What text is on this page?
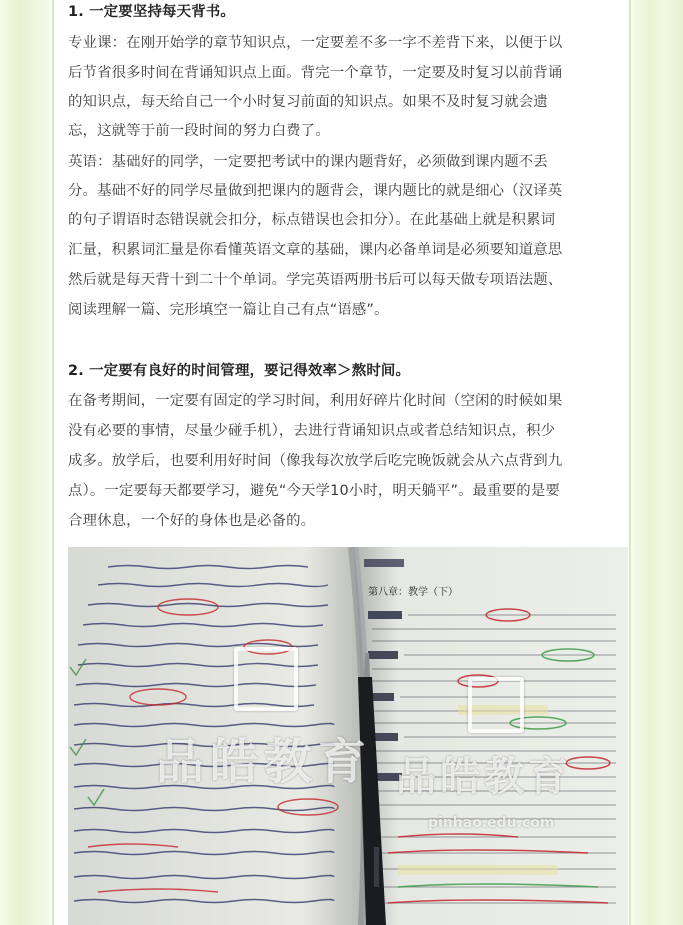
1. 一定要坚持每天背书。
专业课：在刚开始学的章节知识点，一定要差不多一字不差背下来，以便于以
后节省很多时间在背诵知识点上面。背完一个章节，一定要及时复习以前背诵
的知识点，每天给自己一个小时复习前面的知识点。如果不及时复习就会遗
忘，这就等于前一段时间的努力白费了。
英语：基础好的同学，一定要把考试中的课内题背好，必须做到课内题不丢
分。基础不好的同学尽量做到把课内的题背会，课内题比的就是细心（汉译英
的句子谓语时态错误就会扣分，标点错误也会扣分）。在此基础上就是积累词
汇量，积累词汇量是你看懂英语文章的基础，课内必备单词是必须要知道意思
然后就是每天背十到二十个单词。学完英语两册书后可以每天做专项语法题、
阅读理解一篇、完形填空一篇让自己有点“语感”。
2. 一定要有良好的时间管理，要记得效率＞熬时间。
在备考期间，一定要有固定的学习时间，利用好碎片化时间（空闲的时候如果
没有必要的事情，尽量少碰手机），去进行背诵知识点或者总结知识点，积少
成多。放学后，也要利用好时间（像我每次放学后吃完晚饭就会从六点背到九
点）。一定要每天都要学习，避免“今天学10小时，明天躺平”。最重要的是要
合理休息，一个好的身体也是必备的。
第八章：教学（下）
品皓教育 品皓教育
pinhao.edu.com
